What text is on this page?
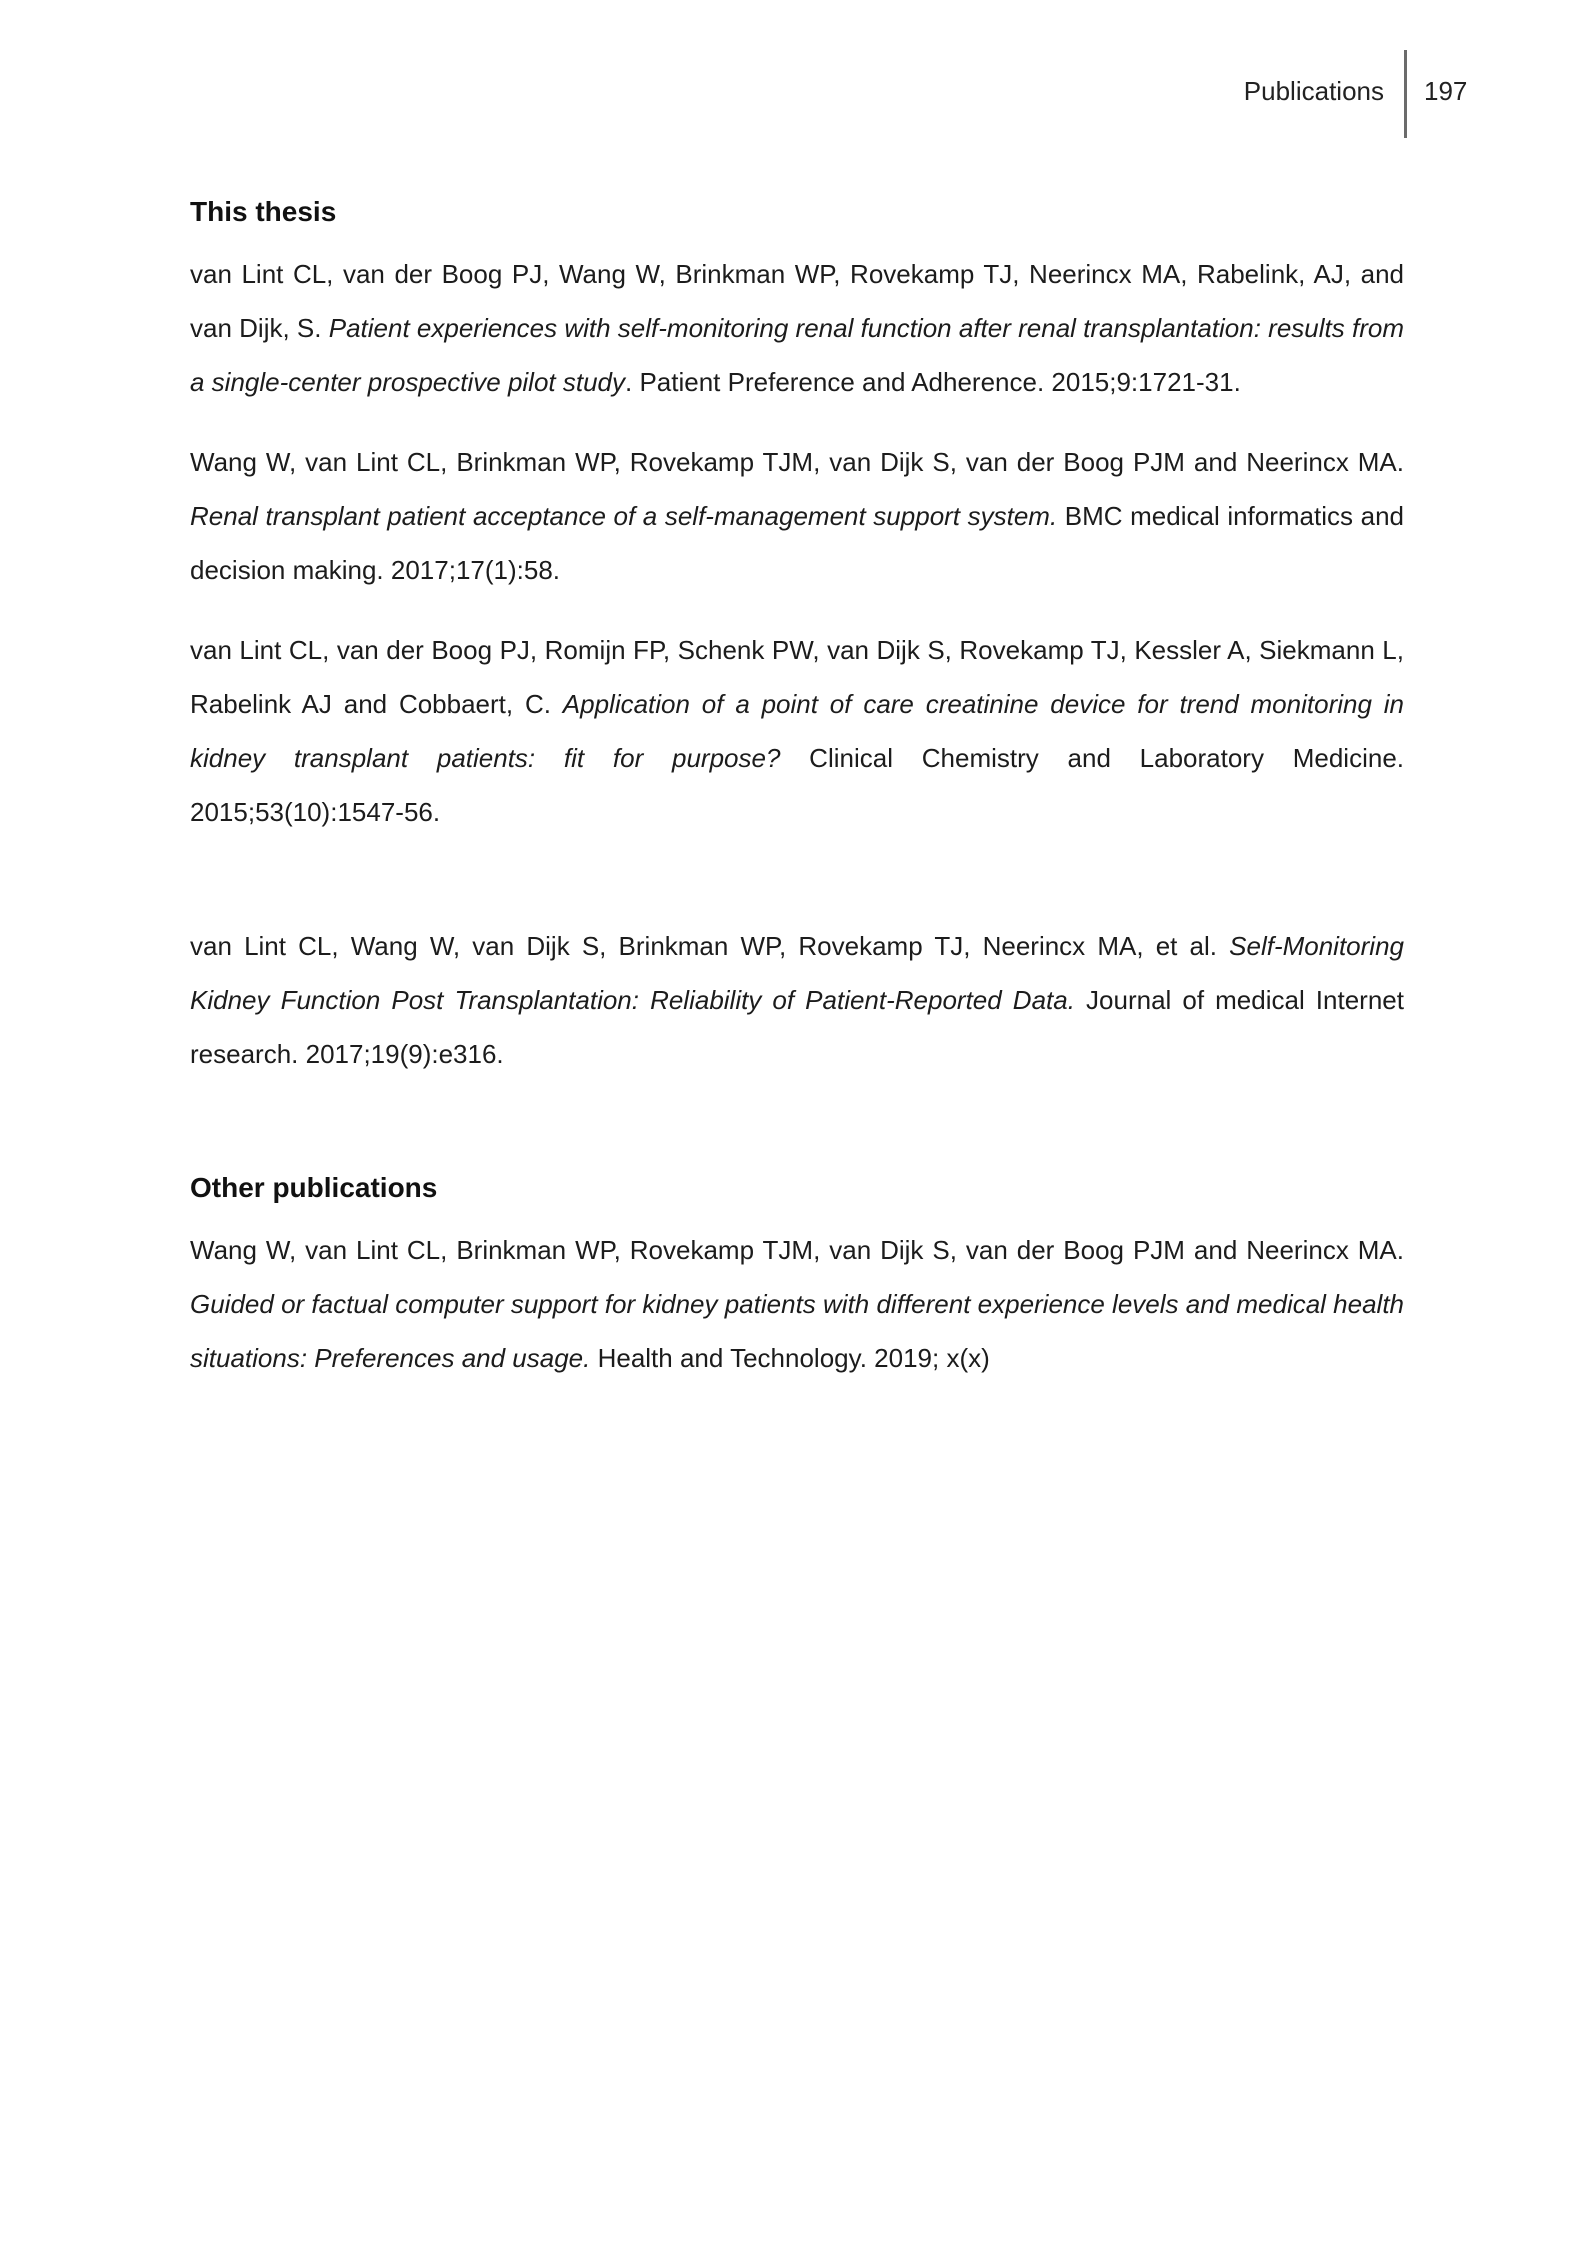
Publications 197
This thesis

van Lint CL, van der Boog PJ, Wang W, Brinkman WP, Rovekamp TJ, Neerincx MA, Rabelink, AJ, and van Dijk, S. Patient experiences with self-monitoring renal function after renal transplantation: results from a single-center prospective pilot study. Patient Preference and Adherence. 2015;9:1721-31.

Wang W, van Lint CL, Brinkman WP, Rovekamp TJM, van Dijk S, van der Boog PJM and Neerincx MA. Renal transplant patient acceptance of a self-management support system. BMC medical informatics and decision making. 2017;17(1):58.

van Lint CL, van der Boog PJ, Romijn FP, Schenk PW, van Dijk S, Rovekamp TJ, Kessler A, Siekmann L, Rabelink AJ and Cobbaert, C. Application of a point of care creatinine device for trend monitoring in kidney transplant patients: fit for purpose? Clinical Chemistry and Laboratory Medicine. 2015;53(10):1547-56.

van Lint CL, Wang W, van Dijk S, Brinkman WP, Rovekamp TJ, Neerincx MA, et al. Self-Monitoring Kidney Function Post Transplantation: Reliability of Patient-Reported Data. Journal of medical Internet research. 2017;19(9):e316.

Other publications

Wang W, van Lint CL, Brinkman WP, Rovekamp TJM, van Dijk S, van der Boog PJM and Neerincx MA. Guided or factual computer support for kidney patients with different experience levels and medical health situations: Preferences and usage. Health and Technology. 2019; x(x)
